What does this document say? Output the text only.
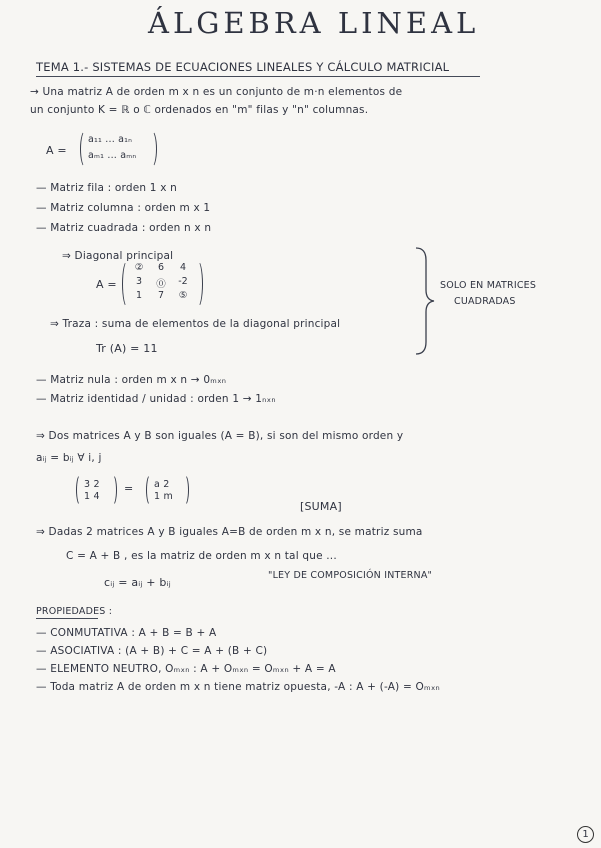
ÁLGEBRA LINEAL
TEMA 1.- SISTEMAS DE ECUACIONES LINEALES Y CÁLCULO MATRICIAL
→ Una matriz A de orden m x n es un conjunto de m·n elementos de
un conjunto K = ℝ o ℂ ordenados en "m" filas y "n" columnas.
A =
a₁₁ ... a₁ₙ
aₘ₁ ... aₘₙ
— Matriz fila : orden 1 x n
— Matriz columna : orden m x 1
— Matriz cuadrada : orden n x n
⇒ Diagonal principal
A =
②	6	4
3	⓪ -2
1	7	⑤
SOLO EN MATRICES
CUADRADAS
⇒ Traza : suma de elementos de la diagonal principal
Tr (A) = 11
— Matriz nula : orden m x n → 0ₘₓₙ
— Matriz identidad / unidad : orden 1 → 1ₙₓₙ
⇒ Dos matrices A y B son iguales (A = B), si son del mismo orden y
aᵢⱼ = bᵢⱼ ∀ i, j
3 2
1 4
= a 2
1 m
[SUMA]
⇒ Dadas 2 matrices A y B iguales A=B de orden m x n, se matriz suma
C = A + B , es la matriz de orden m x n tal que ...
cᵢⱼ = aᵢⱼ + bᵢⱼ
"LEY DE COMPOSICIÓN INTERNA"
PROPIEDADES :
— CONMUTATIVA : A + B = B + A
— ASOCIATIVA : (A + B) + C = A + (B + C)
— ELEMENTO NEUTRO, Oₘₓₙ : A + Oₘₓₙ = Oₘₓₙ + A = A
— Toda matriz A de orden m x n tiene matriz opuesta, -A : A + (-A) = Oₘₓₙ
1
